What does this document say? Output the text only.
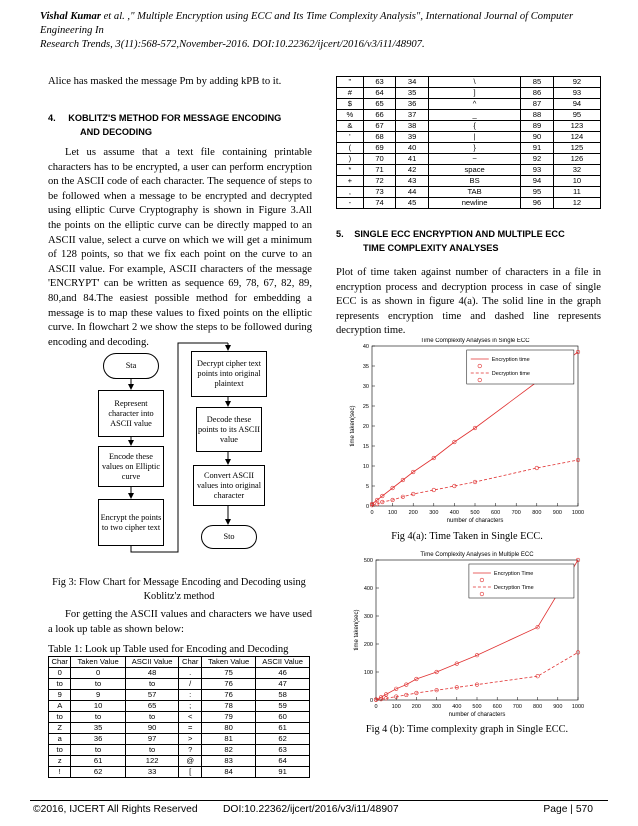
Vishal Kumar et al. ," Multiple Encryption using ECC and Its Time Complexity Analysis", International Journal of Computer Engineering In
Research Trends, 3(11):568-572,November-2016. DOI:10.22362/ijcert/2016/v3/i11/48907.
Alice has masked the message Pm by adding kPB to it.
4. KOBLITZ'S METHOD FOR MESSAGE ENCODING
AND DECODING
Let us assume that a text file containing printable characters has to be encrypted, a user can perform encryption on the ASCII code of each character. The sequence of steps to be followed when a message to be encrypted and decrypted using elliptic Curve Cryptography is shown in Figure 3.All the points on the elliptic curve can be directly mapped to an ASCII value, select a curve on which we will get a minimum of 128 points, so that we fix each point on the curve to an ASCII value. For example, ASCII characters of the message 'ENCRYPT' can be written as sequence 69, 78, 67, 82, 89, 80,and 84.The easiest possible method for embedding a message is to map these values to fixed points on the elliptic curve. In flowchart 2 we show the steps to be followed during encoding and decoding.
Sta
Represent character into ASCII value
Encode these values on Elliptic curve
Encrypt the points to two cipher text
Decrypt cipher text points into original plaintext
Decode these points to its ASCII value
Convert ASCII values into original character
Sto
Fig 3: Flow Chart for Message Encoding and Decoding using
Koblitz'z method
For getting the ASCII values and characters we have used a look up table as shown below:
Table 1: Look up Table used for Encoding and Decoding
Char	Taken Value	ASCII Value	Char	Taken Value	ASCII Value
0	0	48	.	75	46
to	to	to	/	76	47
9	9	57	:	76	58
A	10	65	;	78	59
to	to	to	<	79	60
Z	35	90	=	80	61
a	36	97	>	81	62
to	to	to	?	82	63
z	61	122	@	83	64
!	62	33	[	84	91
"	63	34	\	85	92
#	64	35	]	86	93
$	65	36	^	87	94
%	66	37	_	88	95
&	67	38	{	89	123
'	68	39	|	90	124
(	69	40	}	91	125
)	70	41	~	92	126
*	71	42	space	93	32
+	72	43	BS	94	10
,	73	44	TAB	95	11
-	74	45	newline	96	12
5. SINGLE ECC ENCRYPTION AND MULTIPLE ECC
TIME COMPLEXITY ANALYSES
Plot of time taken against number of characters in a file in encryption process and decryption process in case of single ECC is as shown in figure 4(a). The solid line in the graph represents encryption time and dashed line represents decryption time.
Time Complexity Analyses in Single ECC
0	100 200 300 400 500 600 700 800 900 1000
0
5
10
15
20
25
30
35
40
number of characters
time taken(sec)
Encryption time
Decryption time
Fig 4(a): Time Taken in Single ECC.
Time Complexity Analyses in Multiple ECC
0	100 200 300 400 500 600 700 800 900 1000
0
100
200
300
400
500
number of characters
time taken(sec)
Encryption Time
Decryption Time
Fig 4 (b): Time complexity graph in Single ECC.
©2016, IJCERT All Rights Reserved DOI:10.22362/ijcert/2016/v3/i11/48907	Page | 570
